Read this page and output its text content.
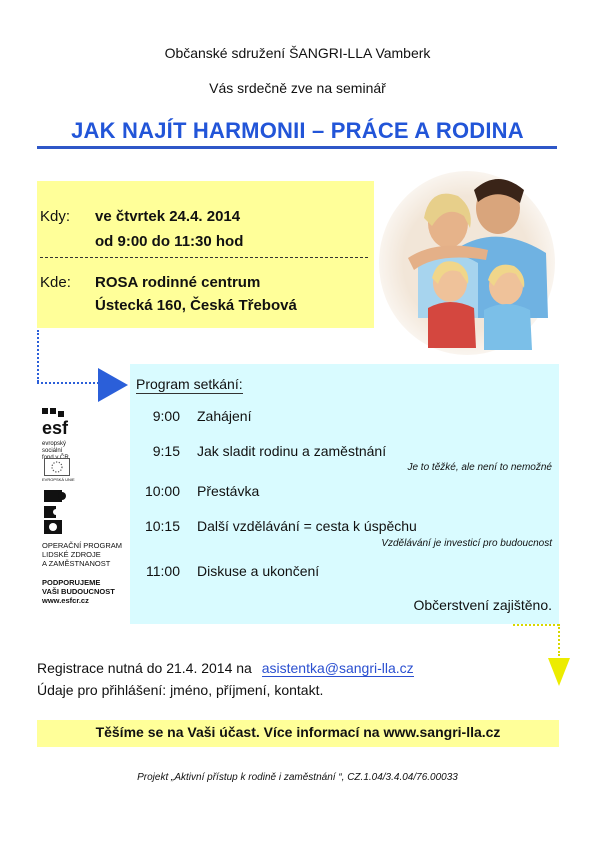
Občanské sdružení ŠANGRI-LLA Vamberk
Vás srdečně zve na seminář
JAK NAJÍT HARMONII – PRÁCE A RODINA
Kdy: ve čtvrtek 24.4. 2014
od 9:00 do 11:30 hod
Kde: ROSA rodinné centrum
Ústecká 160, Česká Třebová
Program setkání:
9:00 Zahájení
9:15 Jak sladit rodinu a zaměstnání
Je to těžké, ale není to nemožné
10:00 Přestávka
10:15 Další vzdělávání = cesta k úspěchu
Vzdělávání je investicí pro budoucnost
11:00 Diskuse a ukončení
Občerstvení zajištěno.
esf
evropský
sociální
fond v ČR
EVROPSKÁ UNIE
OPERAČNÍ PROGRAM
LIDSKÉ ZDROJE
A ZAMĚSTNANOST
PODPORUJEME
VAŠI BUDOUCNOST
www.esfcr.cz
Registrace nutná do 21.4. 2014 na asistentka@sangri-lla.cz
Údaje pro přihlášení: jméno, příjmení, kontakt.
Těšíme se na Vaši účast. Více informací na www.sangri-lla.cz
Projekt „Aktivní přístup k rodině i zaměstnání “, CZ.1.04/3.4.04/76.00033
